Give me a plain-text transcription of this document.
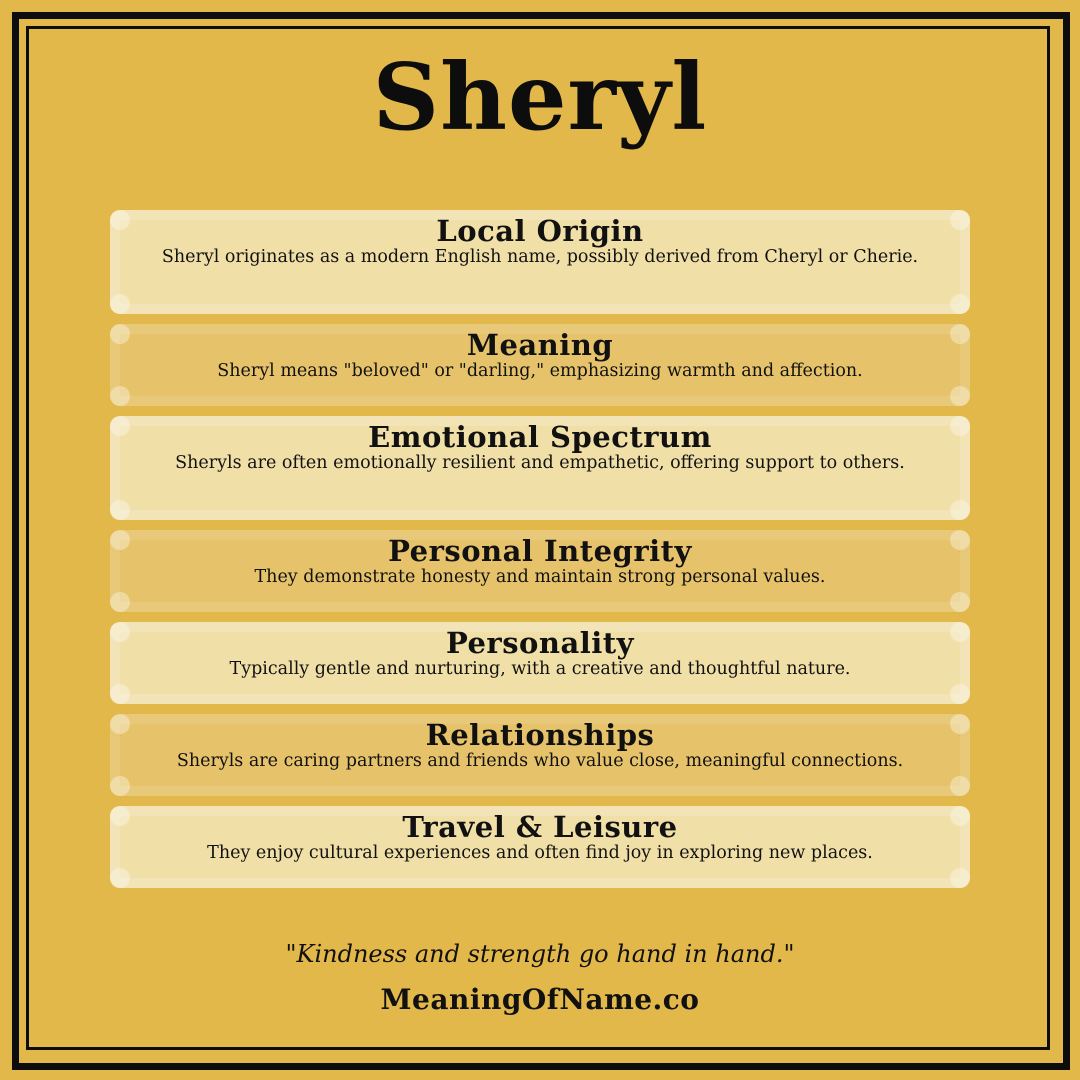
Sheryl
Local Origin

Sheryl originates as a modern English name, possibly derived from Cheryl or Cherie.

Meaning

Sheryl means "beloved" or "darling," emphasizing warmth and affection.

Emotional Spectrum

Sheryls are often emotionally resilient and empathetic, offering support to others.

Personal Integrity

They demonstrate honesty and maintain strong personal values.

Personality

Typically gentle and nurturing, with a creative and thoughtful nature.

Relationships

Sheryls are caring partners and friends who value close, meaningful connections.

Travel & Leisure

They enjoy cultural experiences and often find joy in exploring new places.

"Kindness and strength go hand in hand."

MeaningOfName.co
